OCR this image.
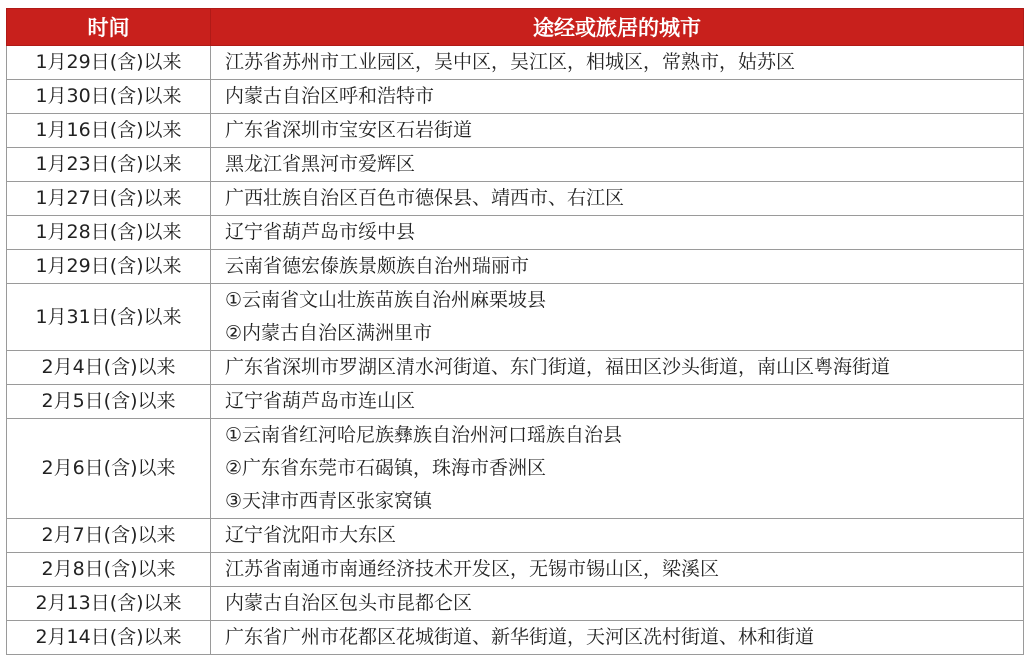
时间	途经或旅居的城市
1月29日(含)以来	江苏省苏州市工业园区，吴中区，吴江区，相城区，常熟市，姑苏区

1月30日(含)以来	内蒙古自治区呼和浩特市

1月16日(含)以来	广东省深圳市宝安区石岩街道

1月23日(含)以来	黑龙江省黑河市爱辉区

1月27日(含)以来	广西壮族自治区百色市德保县、靖西市、右江区

1月28日(含)以来	辽宁省葫芦岛市绥中县

1月29日(含)以来	云南省德宏傣族景颇族自治州瑞丽市

1月31日(含)以来	①云南省文山壮族苗族自治州麻栗坡县
②内蒙古自治区满洲里市

2月4日(含)以来	广东省深圳市罗湖区清水河街道、东门街道，福田区沙头街道，南山区粤海街道

2月5日(含)以来	辽宁省葫芦岛市连山区

2月6日(含)以来	①云南省红河哈尼族彝族自治州河口瑶族自治县
②广东省东莞市石碣镇，珠海市香洲区
③天津市西青区张家窝镇

2月7日(含)以来	辽宁省沈阳市大东区

2月8日(含)以来	江苏省南通市南通经济技术开发区，无锡市锡山区，梁溪区

2月13日(含)以来	内蒙古自治区包头市昆都仑区

2月14日(含)以来	广东省广州市花都区花城街道、新华街道，天河区冼村街道、林和街道
